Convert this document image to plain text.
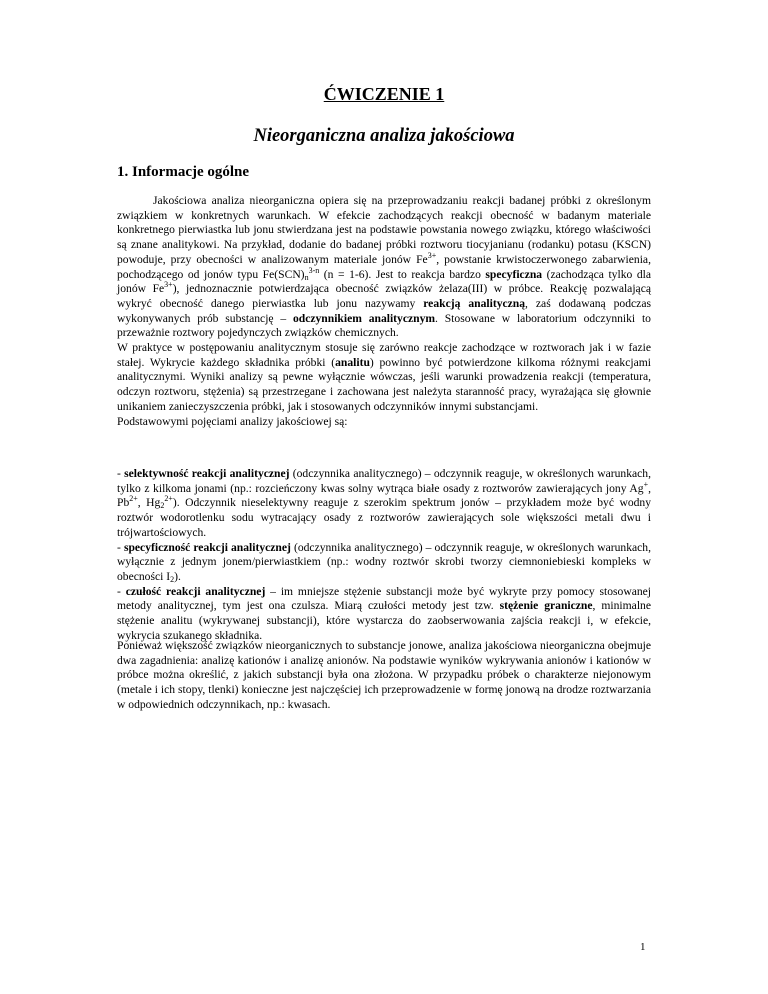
ĆWICZENIE 1
Nieorganiczna analiza jakościowa
1. Informacje ogólne

Jakościowa analiza nieorganiczna opiera się na przeprowadzaniu reakcji badanej próbki z określonym związkiem w konkretnych warunkach. W efekcie zachodzących reakcji obecność w badanym materiale konkretnego pierwiastka lub jonu stwierdzana jest na podstawie powstania nowego związku, którego właściwości są znane analitykowi. Na przykład, dodanie do badanej próbki roztworu tiocyjanianu (rodanku) potasu (KSCN) powoduje, przy obecności w analizowanym materiale jonów $Fe^{3+}$, powstanie krwistoczerwonego zabarwienia, pochodzącego od jonów typu $Fe(SCN)_n^{3-n}$ (n = 1-6). Jest to reakcja bardzo specyficzna (zachodząca tylko dla jonów $Fe^{3+}$), jednoznacznie potwierdzająca obecność związków żelaza(III) w próbce. Reakcję pozwalającą wykryć obecność danego pierwiastka lub jonu nazywamy reakcją analityczną, zaś dodawaną podczas wykonywanych prób substancję – odczynnikiem analitycznym. Stosowane w laboratorium odczynniki to przeważnie roztwory pojedynczych związków chemicznych.

W praktyce w postępowaniu analitycznym stosuje się zarówno reakcje zachodzące w roztworach jak i w fazie stałej. Wykrycie każdego składnika próbki (analitu) powinno być potwierdzone kilkoma różnymi reakcjami analitycznymi. Wyniki analizy są pewne wyłącznie wówczas, jeśli warunki prowadzenia reakcji (temperatura, odczyn roztworu, stężenia) są przestrzegane i zachowana jest należyta staranność pracy, wyrażająca się głownie unikaniem zanieczyszczenia próbki, jak i stosowanych odczynników innymi substancjami.

Podstawowymi pojęciami analizy jakościowej są:

- selektywność reakcji analitycznej (odczynnika analitycznego) – odczynnik reaguje, w określonych warunkach, tylko z kilkoma jonami (np.: rozcieńczony kwas solny wytrąca białe osady z roztworów zawierających jony Ag+, $Pb^{2+}$, $Hg_2^{2+}$). Odczynnik nieselektywny reaguje z szerokim spektrum jonów – przykładem może być wodny roztwór wodorotlenku sodu wytracający osady z roztworów zawierających sole większości metali dwu i trójwartościowych.

- specyficzność reakcji analitycznej (odczynnika analitycznego) – odczynnik reaguje, w określonych warunkach, wyłącznie z jednym jonem/pierwiastkiem (np.: wodny roztwór skrobi tworzy ciemnoniebieski kompleks w obecności $I_2$).

- czułość reakcji analitycznej – im mniejsze stężenie substancji może być wykryte przy pomocy stosowanej metody analitycznej, tym jest ona czulsza. Miarą czułości metody jest tzw. stężenie graniczne, minimalne stężenie analitu (wykrywanej substancji), które wystarcza do zaobserwowania zajścia reakcji i, w efekcie, wykrycia szukanego składnika.

Ponieważ większość związków nieorganicznych to substancje jonowe, analiza jakościowa nieorganiczna obejmuje dwa zagadnienia: analizę kationów i analizę anionów. Na podstawie wyników wykrywania anionów i kationów w próbce można określić, z jakich substancji była ona złożona. W przypadku próbek o charakterze niejonowym (metale i ich stopy, tlenki) konieczne jest najczęściej ich przeprowadzenie w formę jonową na drodze roztwarzania w odpowiednich odczynnikach, np.: kwasach.

1
